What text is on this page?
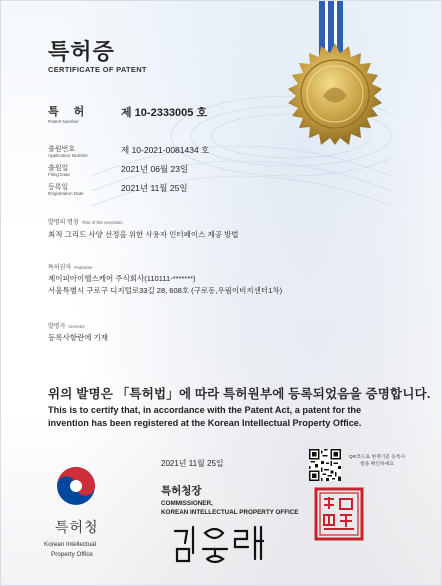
특허증
CERTIFICATE OF PATENT
특 허
Patent Number
제 10-2333005 호
출원번호
Application Number
제 10-2021-0081434 호
출원일
Filing Date
2021년 06월 23일
등록일
Registration Date
2021년 11월 25일
발명의 명칭 Title of the Invention
최적 그리드 사양 선정을 위한 사용자 인터페이스 제공 방법
특허권자 Patentee
제이피아이헬스케어 주식회사(110111-*******)
서울특별시 구로구 디지털로33길 28, 608호 (구로동,우림이비지센터1차)
발명자 Inventor
등록사항란에 기재
위의 발명은 「특허법」에 따라 특허원부에 등록되었음을 증명합니다.
This is to certify that, in accordance with the Patent Act, a patent for the invention has been registered at the Korean Intellectual Property Office.
2021년 11월 25일
QR코드로 현재기준 등록사항을 확인하세요
특허청
Korean Intellectual
Property Office
특허청장
COMMISSIONER,
KOREAN INTELLECTUAL PROPERTY OFFICE
